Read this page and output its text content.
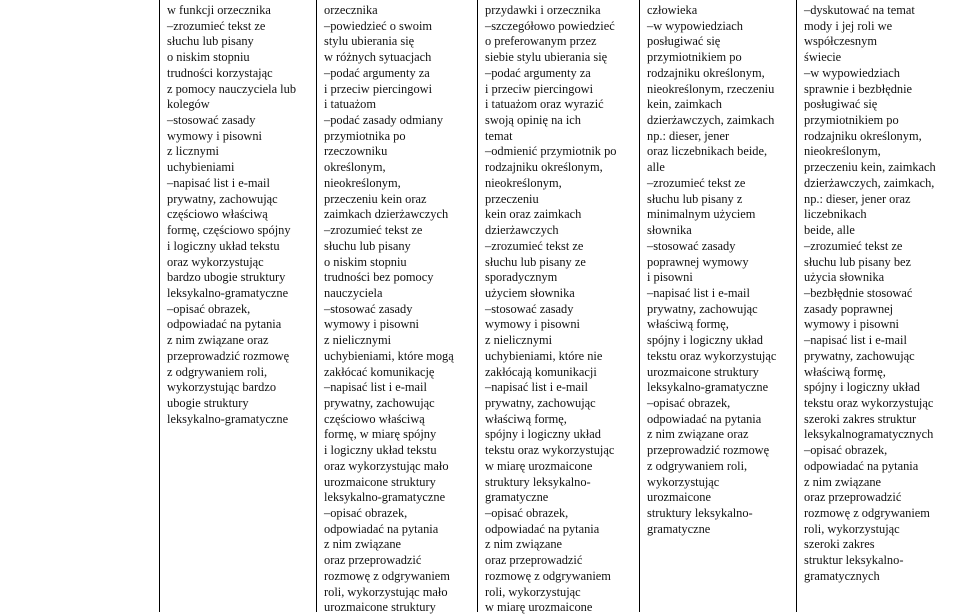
w funkcji orzecznika
–zrozumieć tekst ze
słuchu lub pisany
o niskim stopniu
trudności korzystając
z pomocy nauczyciela lub
kolegów
–stosować zasady
wymowy i pisowni
z licznymi
uchybieniami
–napisać list i e-mail
prywatny, zachowując
częściowo właściwą
formę, częściowo spójny
i logiczny układ tekstu
oraz wykorzystując
bardzo ubogie struktury
leksykalno-gramatyczne
–opisać obrazek,
odpowiadać na pytania
z nim związane oraz
przeprowadzić rozmowę
z odgrywaniem roli,
wykorzystując bardzo
ubogie struktury
leksykalno-gramatyczne
orzecznika
–powiedzieć o swoim
stylu ubierania się
w różnych sytuacjach
–podać argumenty za
i przeciw piercingowi
i tatuażom
–podać zasady odmiany
przymiotnika po
rzeczowniku
określonym,
nieokreślonym,
przeczeniu kein oraz
zaimkach dzierżawczych
–zrozumieć tekst ze
słuchu lub pisany
o niskim stopniu
trudności bez pomocy
nauczyciela
–stosować zasady
wymowy i pisowni
z nielicznymi
uchybieniami, które mogą
zakłócać komunikację
–napisać list i e-mail
prywatny, zachowując
częściowo właściwą
formę, w miarę spójny
i logiczny układ tekstu
oraz wykorzystując mało
urozmaicone struktury
leksykalno-gramatyczne
–opisać obrazek,
odpowiadać na pytania
z nim związane
oraz przeprowadzić
rozmowę z odgrywaniem
roli, wykorzystując mało
urozmaicone struktury
przydawki i orzecznika
–szczegółowo powiedzieć
o preferowanym przez
siebie stylu ubierania się
–podać argumenty za
i przeciw piercingowi
i tatuażom oraz wyrazić
swoją opinię na ich
temat
–odmienić przymiotnik po
rodzajniku określonym,
nieokreślonym,
przeczeniu
kein oraz zaimkach
dzierżawczych
–zrozumieć tekst ze
słuchu lub pisany ze
sporadycznym
użyciem słownika
–stosować zasady
wymowy i pisowni
z nielicznymi
uchybieniami, które nie
zakłócają komunikacji
–napisać list i e-mail
prywatny, zachowując
właściwą formę,
spójny i logiczny układ
tekstu oraz wykorzystując
w miarę urozmaicone
struktury leksykalno-
gramatyczne
–opisać obrazek,
odpowiadać na pytania
z nim związane
oraz przeprowadzić
rozmowę z odgrywaniem
roli, wykorzystując
w miarę urozmaicone
człowieka
–w wypowiedziach
posługiwać się
przymiotnikiem po
rodzajniku określonym,
nieokreślonym, rzeczeniu
kein, zaimkach
dzierżawczych, zaimkach
np.: dieser, jener
oraz liczebnikach beide,
alle
–zrozumieć tekst ze
słuchu lub pisany z
minimalnym użyciem
słownika
–stosować zasady
poprawnej wymowy
i pisowni
–napisać list i e-mail
prywatny, zachowując
właściwą formę,
spójny i logiczny układ
tekstu oraz wykorzystując
urozmaicone struktury
leksykalno-gramatyczne
–opisać obrazek,
odpowiadać na pytania
z nim związane oraz
przeprowadzić rozmowę
z odgrywaniem roli,
wykorzystując
urozmaicone
struktury leksykalno-
gramatyczne
–dyskutować na temat
mody i jej roli we
współczesnym
świecie
–w wypowiedziach
sprawnie i bezbłędnie
posługiwać się
przymiotnikiem po
rodzajniku określonym,
nieokreślonym,
przeczeniu kein, zaimkach
dzierżawczych, zaimkach,
np.: dieser, jener oraz
liczebnikach
beide, alle
–zrozumieć tekst ze
słuchu lub pisany bez
użycia słownika
–bezbłędnie stosować
zasady poprawnej
wymowy i pisowni
–napisać list i e-mail
prywatny, zachowując
właściwą formę,
spójny i logiczny układ
tekstu oraz wykorzystując
szeroki zakres struktur
leksykalnogramatycznych
–opisać obrazek,
odpowiadać na pytania
z nim związane
oraz przeprowadzić
rozmowę z odgrywaniem
roli, wykorzystując
szeroki zakres
struktur leksykalno-
gramatycznych
